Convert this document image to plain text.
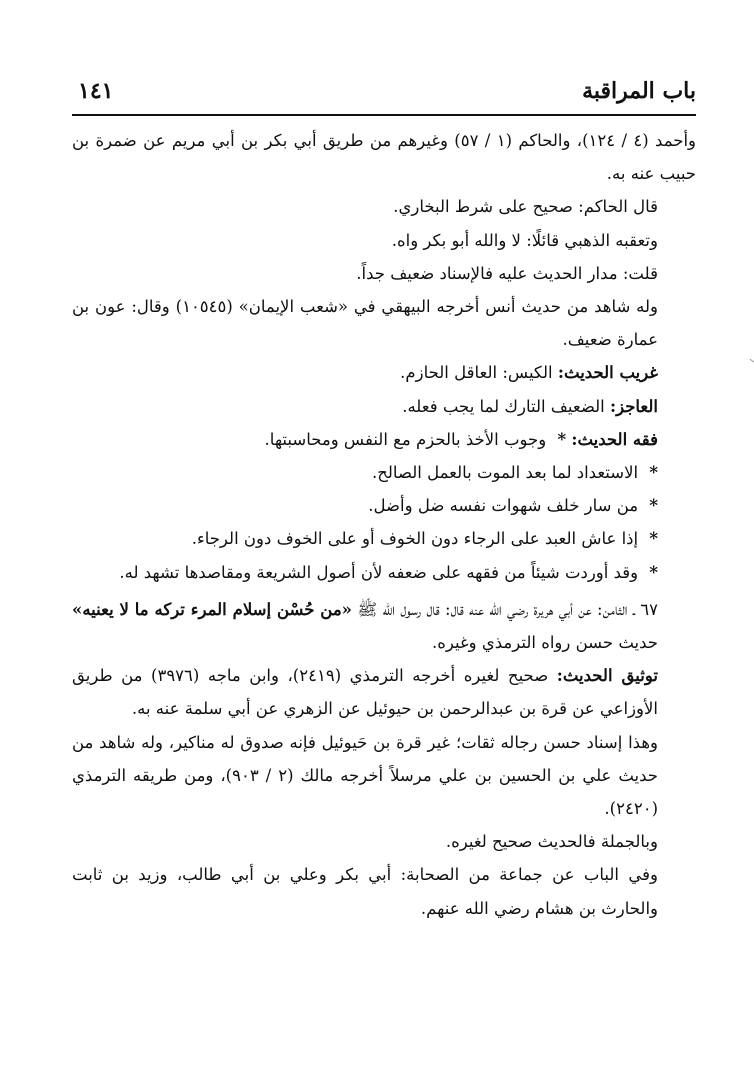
باب المراقبة
١٤١

وأحمد (٤ / ١٢٤)، والحاكم (١ / ٥٧) وغيرهم من طريق أبي بكر بن أبي مريم عن ضمرة بن حبيب عنه به.

قال الحاكم: صحيح على شرط البخاري.

وتعقبه الذهبي قائلًا: لا والله أبو بكر واه.

قلت: مدار الحديث عليه فالإسناد ضعيف جداً.

وله شاهد من حديث أنس أخرجه البيهقي في «شعب الإيمان» (١٠٥٤٥) وقال: عون بن عمارة ضعيف.

غريب الحديث: الكيس: العاقل الحازم.

العاجز: الضعيف التارك لما يجب فعله.

فقه الحديث: * وجوب الأخذ بالحزم مع النفس ومحاسبتها.

* الاستعداد لما بعد الموت بالعمل الصالح.

* من سار خلف شهوات نفسه ضل وأضل.

* إذا عاش العبد على الرجاء دون الخوف أو على الخوف دون الرجاء.

* وقد أوردت شيئاً من فقهه على ضعفه لأن أصول الشريعة ومقاصدها تشهد له.

٦٧ ـ الثامن: عن أبي هريرة رضي الله عنه قال: قال رسول الله ﷺ «من حُسْن إسلام المرء تركه ما لا يعنيه» حديث حسن رواه الترمذي وغيره.

توثيق الحديث: صحيح لغيره أخرجه الترمذي (٢٤١٩)، وابن ماجه (٣٩٧٦) من طريق الأوزاعي عن قرة بن عبدالرحمن بن حيوئيل عن الزهري عن أبي سلمة عنه به.

وهذا إسناد حسن رجاله ثقات؛ غير قرة بن حَيوئيل فإنه صدوق له مناكير، وله شاهد من حديث علي بن الحسين بن علي مرسلاً أخرجه مالك (٢ / ٩٠٣)، ومن طريقه الترمذي (٢٤٢٠).

وبالجملة فالحديث صحيح لغيره.

وفي الباب عن جماعة من الصحابة: أبي بكر وعلي بن أبي طالب، وزيد بن ثابت والحارث بن هشام رضي الله عنهم.
